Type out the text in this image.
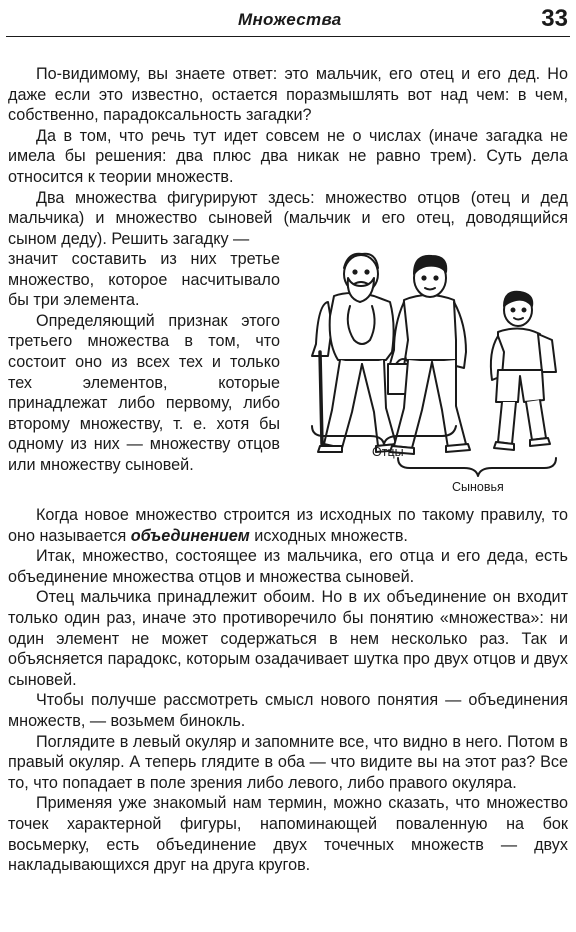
Множества	33

По-видимому, вы знаете ответ: это мальчик, его отец и его дед. Но даже если это известно, остается поразмышлять вот над чем: в чем, собственно, парадоксальность загадки?

Да в том, что речь тут идет совсем не о числах (иначе загадка не имела бы решения: два плюс два никак не равно трем). Суть дела относится к теории множеств.

Два множества фигурируют здесь: множество отцов (отец и дед мальчика) и множество сыновей (мальчик и его отец, доводящийся сыном деду). Решить загадку —

значит составить из них третье множество, которое насчитывало бы три элемента.

Определяющий признак этого третьего множества в том, что состоит оно из всех тех и только тех элементов, которые принадлежат либо первому, либо второму множеству, т. е. хотя бы одному из них — множеству отцов или множеству сыновей.

Отцы
Сыновья

Когда новое множество строится из исходных по такому правилу, то оно называется объединением исходных множеств.

Итак, множество, состоящее из мальчика, его отца и его деда, есть объединение множества отцов и множества сыновей.

Отец мальчика принадлежит обоим. Но в их объединение он входит только один раз, иначе это противоречило бы понятию «множества»: ни один элемент не может содержаться в нем несколько раз. Так и объясняется парадокс, которым озадачивает шутка про двух отцов и двух сыновей.

Чтобы получше рассмотреть смысл нового понятия — объединения множеств, — возьмем бинокль.

Поглядите в левый окуляр и запомните все, что видно в него. Потом в правый окуляр. А теперь глядите в оба — что видите вы на этот раз? Все то, что попадает в поле зрения либо левого, либо правого окуляра.

Применяя уже знакомый нам термин, можно сказать, что множество точек характерной фигуры, напоминающей поваленную на бок восьмерку, есть объединение двух точечных множеств — двух накладывающихся друг на друга кругов.
